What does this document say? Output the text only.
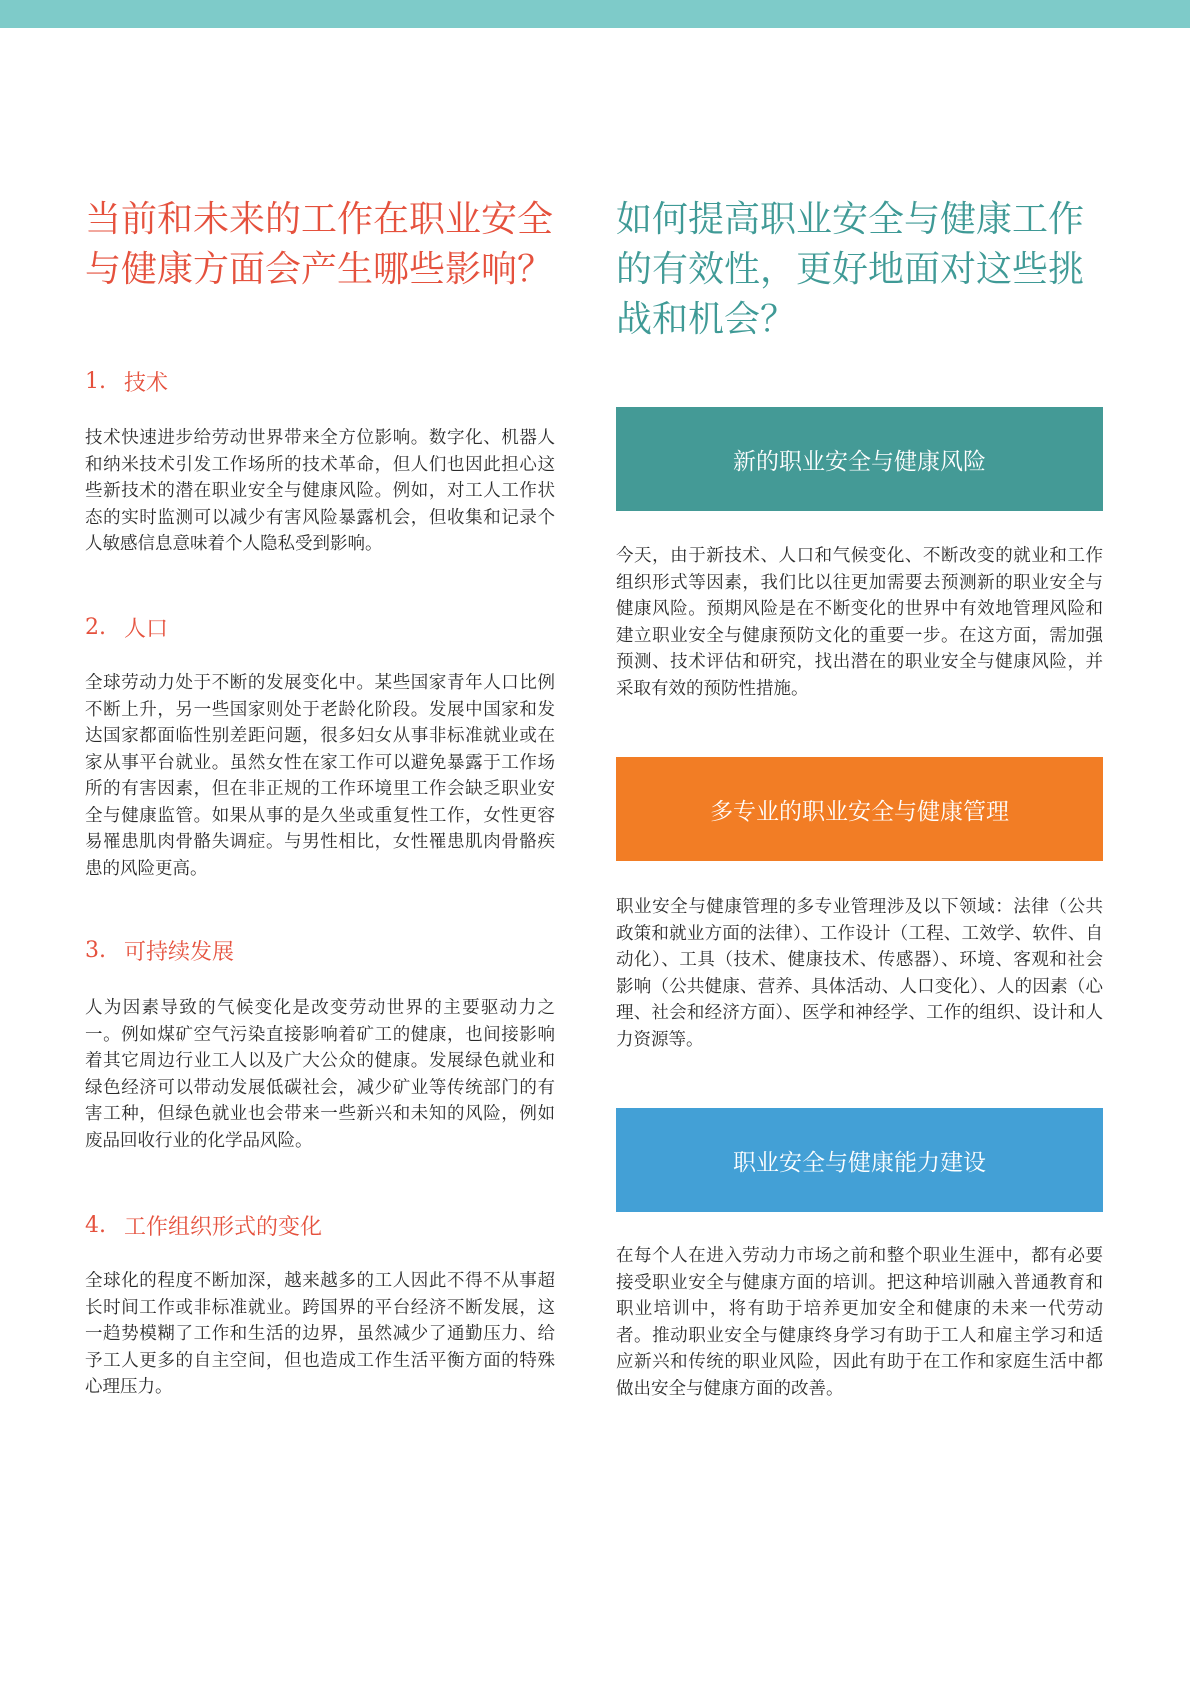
当前和未来的工作在职业安全与健康方面会产生哪些影响？
1. 技术

技术快速进步给劳动世界带来全方位影响。数字化、机器人和纳米技术引发工作场所的技术革命，但人们也因此担心这些新技术的潜在职业安全与健康风险。例如，对工人工作状态的实时监测可以减少有害风险暴露机会，但收集和记录个人敏感信息意味着个人隐私受到影响。

2. 人口

全球劳动力处于不断的发展变化中。某些国家青年人口比例不断上升，另一些国家则处于老龄化阶段。发展中国家和发达国家都面临性别差距问题，很多妇女从事非标准就业或在家从事平台就业。虽然女性在家工作可以避免暴露于工作场所的有害因素，但在非正规的工作环境里工作会缺乏职业安全与健康监管。如果从事的是久坐或重复性工作，女性更容易罹患肌肉骨骼失调症。与男性相比，女性罹患肌肉骨骼疾患的风险更高。

3. 可持续发展

人为因素导致的气候变化是改变劳动世界的主要驱动力之一。例如煤矿空气污染直接影响着矿工的健康，也间接影响着其它周边行业工人以及广大公众的健康。发展绿色就业和绿色经济可以带动发展低碳社会，减少矿业等传统部门的有害工种，但绿色就业也会带来一些新兴和未知的风险，例如废品回收行业的化学品风险。

4. 工作组织形式的变化

全球化的程度不断加深，越来越多的工人因此不得不从事超长时间工作或非标准就业。跨国界的平台经济不断发展，这一趋势模糊了工作和生活的边界，虽然减少了通勤压力、给予工人更多的自主空间，但也造成工作生活平衡方面的特殊心理压力。

如何提高职业安全与健康工作的有效性，更好地面对这些挑战和机会？
新的职业安全与健康风险

今天，由于新技术、人口和气候变化、不断改变的就业和工作组织形式等因素，我们比以往更加需要去预测新的职业安全与健康风险。预期风险是在不断变化的世界中有效地管理风险和建立职业安全与健康预防文化的重要一步。在这方面，需加强预测、技术评估和研究，找出潜在的职业安全与健康风险，并采取有效的预防性措施。

多专业的职业安全与健康管理

职业安全与健康管理的多专业管理涉及以下领域：法律（公共政策和就业方面的法律）、工作设计（工程、工效学、软件、自动化）、工具（技术、健康技术、传感器）、环境、客观和社会影响（公共健康、营养、具体活动、人口变化）、人的因素（心理、社会和经济方面）、医学和神经学、工作的组织、设计和人力资源等。

职业安全与健康能力建设

在每个人在进入劳动力市场之前和整个职业生涯中，都有必要接受职业安全与健康方面的培训。把这种培训融入普通教育和职业培训中，将有助于培养更加安全和健康的未来一代劳动者。推动职业安全与健康终身学习有助于工人和雇主学习和适应新兴和传统的职业风险，因此有助于在工作和家庭生活中都做出安全与健康方面的改善。
